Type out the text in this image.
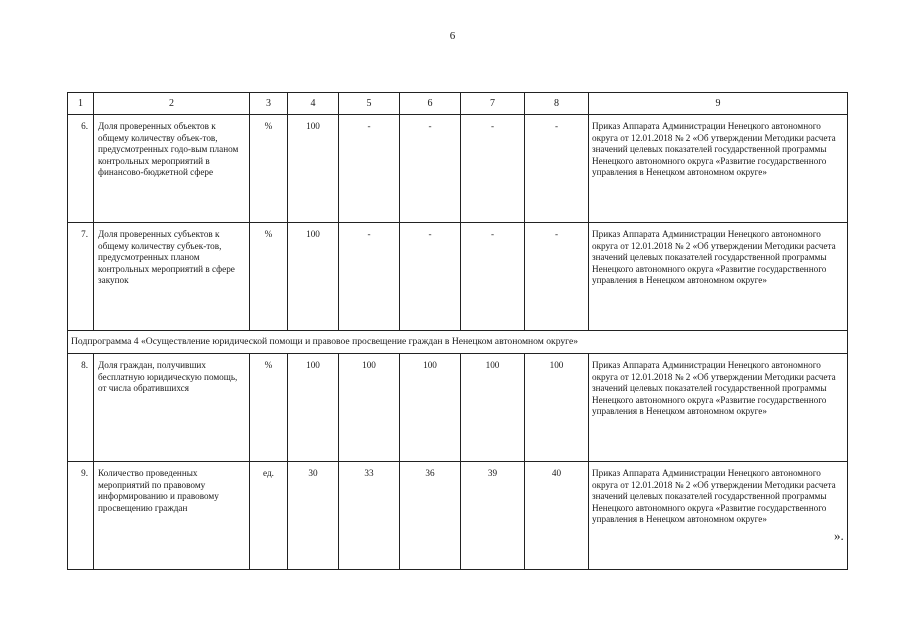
6
1	2	3	4	5	6	7	8	9
6.	Доля проверенных объектов к общему количеству объек-тов, предусмотренных годо-вым планом контрольных мероприятий в финансово-бюджетной сфере	%	100	-	-	-	-	Приказ Аппарата Администрации Ненецкого автономного округа от 12.01.2018 № 2 «Об утверждении Методики расчета значений целевых показателей государственной программы Ненецкого автономного округа «Развитие государственного управления в Ненецком автономном округе»
7.	Доля проверенных субъектов к общему количеству субъек-тов, предусмотренных планом контрольных мероприятий в сфере закупок	%	100	-	-	-	-	Приказ Аппарата Администрации Ненецкого автономного округа от 12.01.2018 № 2 «Об утверждении Методики расчета значений целевых показателей государственной программы Ненецкого автономного округа «Развитие государственного управления в Ненецком автономном округе»
Подпрограмма 4 «Осуществление юридической помощи и правовое просвещение граждан в Ненецком автономном округе»								
8.	Доля граждан, получивших бесплатную юридическую помощь, от числа обратившихся	%	100	100	100	100	100	Приказ Аппарата Администрации Ненецкого автономного округа от 12.01.2018 № 2 «Об утверждении Методики расчета значений целевых показателей государственной программы Ненецкого автономного округа «Развитие государственного управления в Ненецком автономном округе»
9.	Количество проведенных мероприятий по правовому информированию и правовому просвещению граждан	ед.	30	33	36	39	40	Приказ Аппарата Администрации Ненецкого автономного округа от 12.01.2018 № 2 «Об утверждении Методики расчета значений целевых показателей государственной программы Ненецкого автономного округа «Развитие государственного управления в Ненецком автономном округе»
».
